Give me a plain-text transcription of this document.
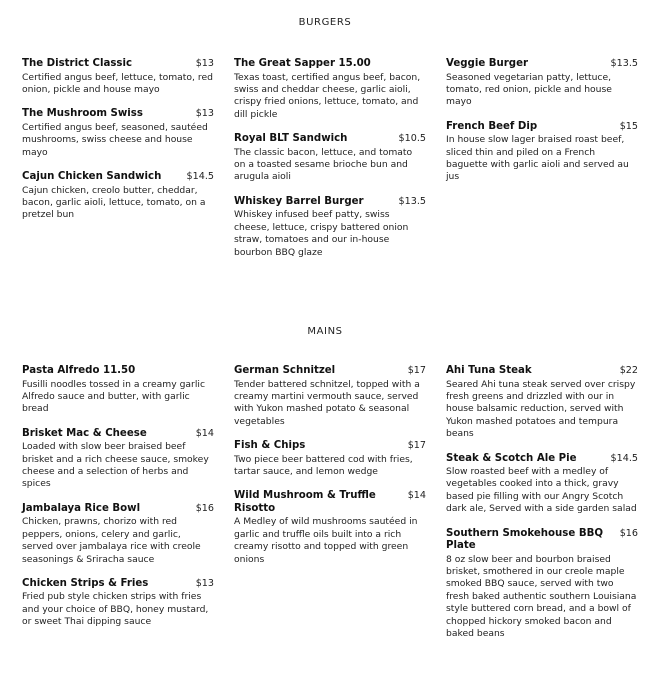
BURGERS
The District Classic	$13
Certified angus beef, lettuce, tomato, red onion, pickle and house mayo
The Mushroom Swiss	$13
Certified angus beef, seasoned, sautéed mushrooms, swiss cheese and house mayo
Cajun Chicken Sandwich	$14.5
Cajun chicken, creolo butter, cheddar, bacon, garlic aioli, lettuce, tomato, on a pretzel bun
The Great Sapper 15.00
Texas toast, certified angus beef, bacon, swiss and cheddar cheese, garlic aioli, crispy fried onions, lettuce, tomato, and dill pickle
Royal BLT Sandwich	$10.5
The classic bacon, lettuce, and tomato on a toasted sesame brioche bun and arugula aioli
Whiskey Barrel Burger	$13.5
Whiskey infused beef patty, swiss cheese, lettuce, crispy battered onion straw, tomatoes and our in-house bourbon BBQ glaze
Veggie Burger	$13.5
Seasoned vegetarian patty, lettuce, tomato, red onion, pickle and house mayo
French Beef Dip	$15
In house slow lager braised roast beef, sliced thin and piled on a French baguette with garlic aioli and served au jus
MAINS
Pasta Alfredo 11.50
Fusilli noodles tossed in a creamy garlic Alfredo sauce and butter, with garlic bread
Brisket Mac & Cheese	$14
Loaded with slow beer braised beef brisket and a rich cheese sauce, smokey cheese and a selection of herbs and spices
Jambalaya Rice Bowl	$16
Chicken, prawns, chorizo with red peppers, onions, celery and garlic, served over jambalaya rice with creole seasonings & Sriracha sauce
Chicken Strips & Fries	$13
Fried pub style chicken strips with fries and your choice of BBQ, honey mustard, or sweet Thai dipping sauce
German Schnitzel	$17
Tender battered schnitzel, topped with a creamy martini vermouth sauce, served with Yukon mashed potato & seasonal vegetables
Fish & Chips	$17
Two piece beer battered cod with fries, tartar sauce, and lemon wedge
Wild Mushroom & Truffle Risotto
$14
A Medley of wild mushrooms sautéed in garlic and truffle oils built into a rich creamy risotto and topped with green onions
Ahi Tuna Steak	$22
Seared Ahi tuna steak served over crispy fresh greens and drizzled with our in house balsamic reduction, served with Yukon mashed potatoes and tempura beans
Steak & Scotch Ale Pie	$14.5
Slow roasted beef with a medley of vegetables cooked into a thick, gravy based pie filling with our Angry Scotch dark ale, Served with a side garden salad
Southern Smokehouse BBQ Plate
$16
8 oz slow beer and bourbon braised brisket, smothered in our creole maple smoked BBQ sauce, served with two fresh baked authentic southern Louisiana style buttered corn bread, and a bowl of chopped hickory smoked bacon and baked beans
